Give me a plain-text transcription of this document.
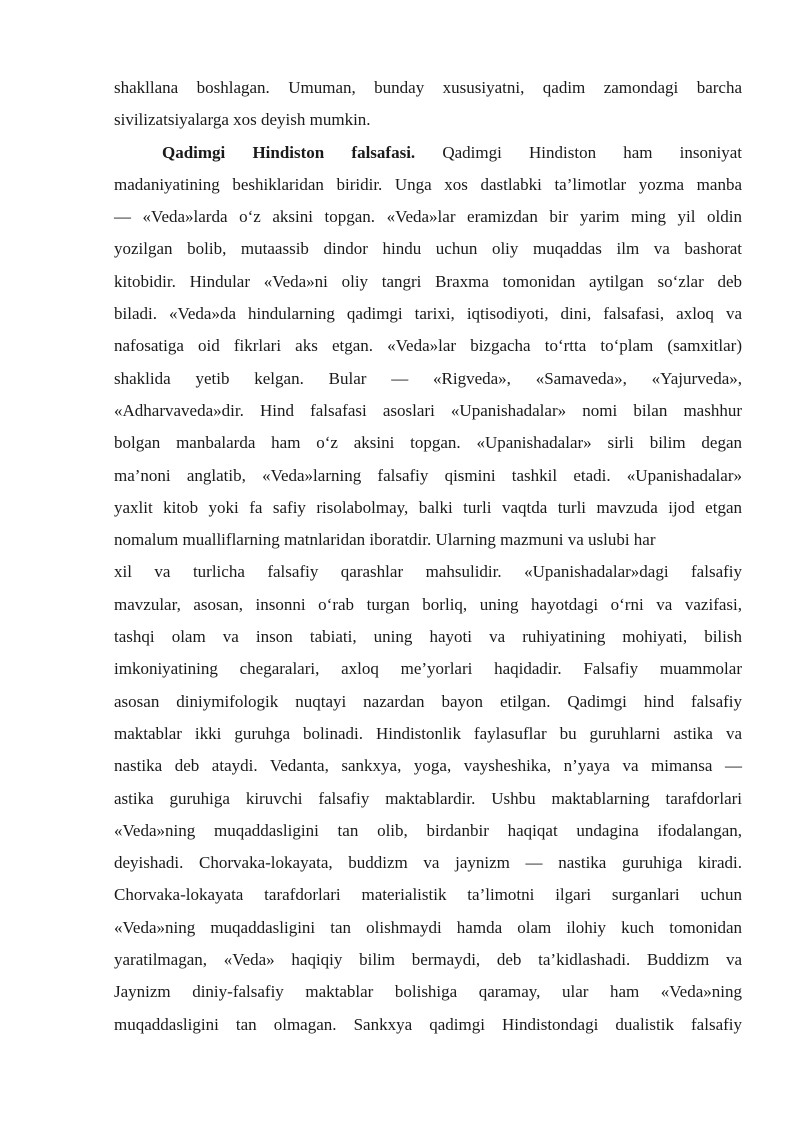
shakllana boshlagan. Umuman, bunday xususiyatni, qadim zamondagi barcha

sivilizatsiyalarga xos deyish mumkin.

Qadimgi Hindiston falsafasi. Qadimgi Hindiston ham insoniyat

madaniyatining beshiklaridan biridir. Unga xos dastlabki ta’limotlar yozma manba

— «Veda»larda o‘z aksini topgan. «Veda»lar eramizdan bir yarim ming yil oldin

yozilgan bolib, mutaassib dindor hindu uchun oliy muqaddas ilm va bashorat

kitobidir. Hindular «Veda»ni oliy tangri Braxma tomonidan aytilgan so‘zlar deb

biladi. «Veda»da hindularning qadimgi tarixi, iqtisodiyoti, dini, falsafasi, axloq va

nafosatiga oid fikrlari aks etgan. «Veda»lar bizgacha to‘rtta to‘plam (samxitlar)

shaklida yetib kelgan. Bular — «Rigveda», «Samaveda», «Yajurveda»,

«Adharvaveda»dir. Hind falsafasi asoslari «Upanishadalar» nomi bilan mashhur

bolgan manbalarda ham o‘z aksini topgan. «Upanishadalar» sirli bilim degan

ma’noni anglatib, «Veda»larning falsafiy qismini tashkil etadi. «Upanishadalar»

yaxlit kitob yoki fa safiy risolabolmay, balki turli vaqtda turli mavzuda ijod etgan

nomalum mualliflarning matnlaridan iboratdir. Ularning mazmuni va uslubi har

xil va turlicha falsafiy qarashlar mahsulidir. «Upanishadalar»dagi falsafiy

mavzular, asosan, insonni o‘rab turgan borliq, uning hayotdagi o‘rni va vazifasi,

tashqi olam va inson tabiati, uning hayoti va ruhiyatining mohiyati, bilish

imkoniyatining chegaralari, axloq me’yorlari haqidadir. Falsafiy muammolar

asosan diniymifologik nuqtayi nazardan bayon etilgan. Qadimgi hind falsafiy

maktablar ikki guruhga bolinadi. Hindistonlik faylasuflar bu guruhlarni astika va

nastika deb ataydi. Vedanta, sankxya, yoga, vaysheshika, n’yaya va mimansa —

astika guruhiga kiruvchi falsafiy maktablardir. Ushbu maktablarning tarafdorlari

«Veda»ning muqaddasligini tan olib, birdanbir haqiqat undagina ifodalangan,

deyishadi. Chorvaka-lokayata, buddizm va jaynizm — nastika guruhiga kiradi.

Chorvaka-lokayata tarafdorlari materialistik ta’limotni ilgari surganlari uchun

«Veda»ning muqaddasligini tan olishmaydi hamda olam ilohiy kuch tomonidan

yaratilmagan, «Veda» haqiqiy bilim bermaydi, deb ta’kidlashadi. Buddizm va

Jaynizm diniy-falsafiy maktablar bolishiga qaramay, ular ham «Veda»ning

muqaddasligini tan olmagan. Sankxya qadimgi Hindistondagi dualistik falsafiy
